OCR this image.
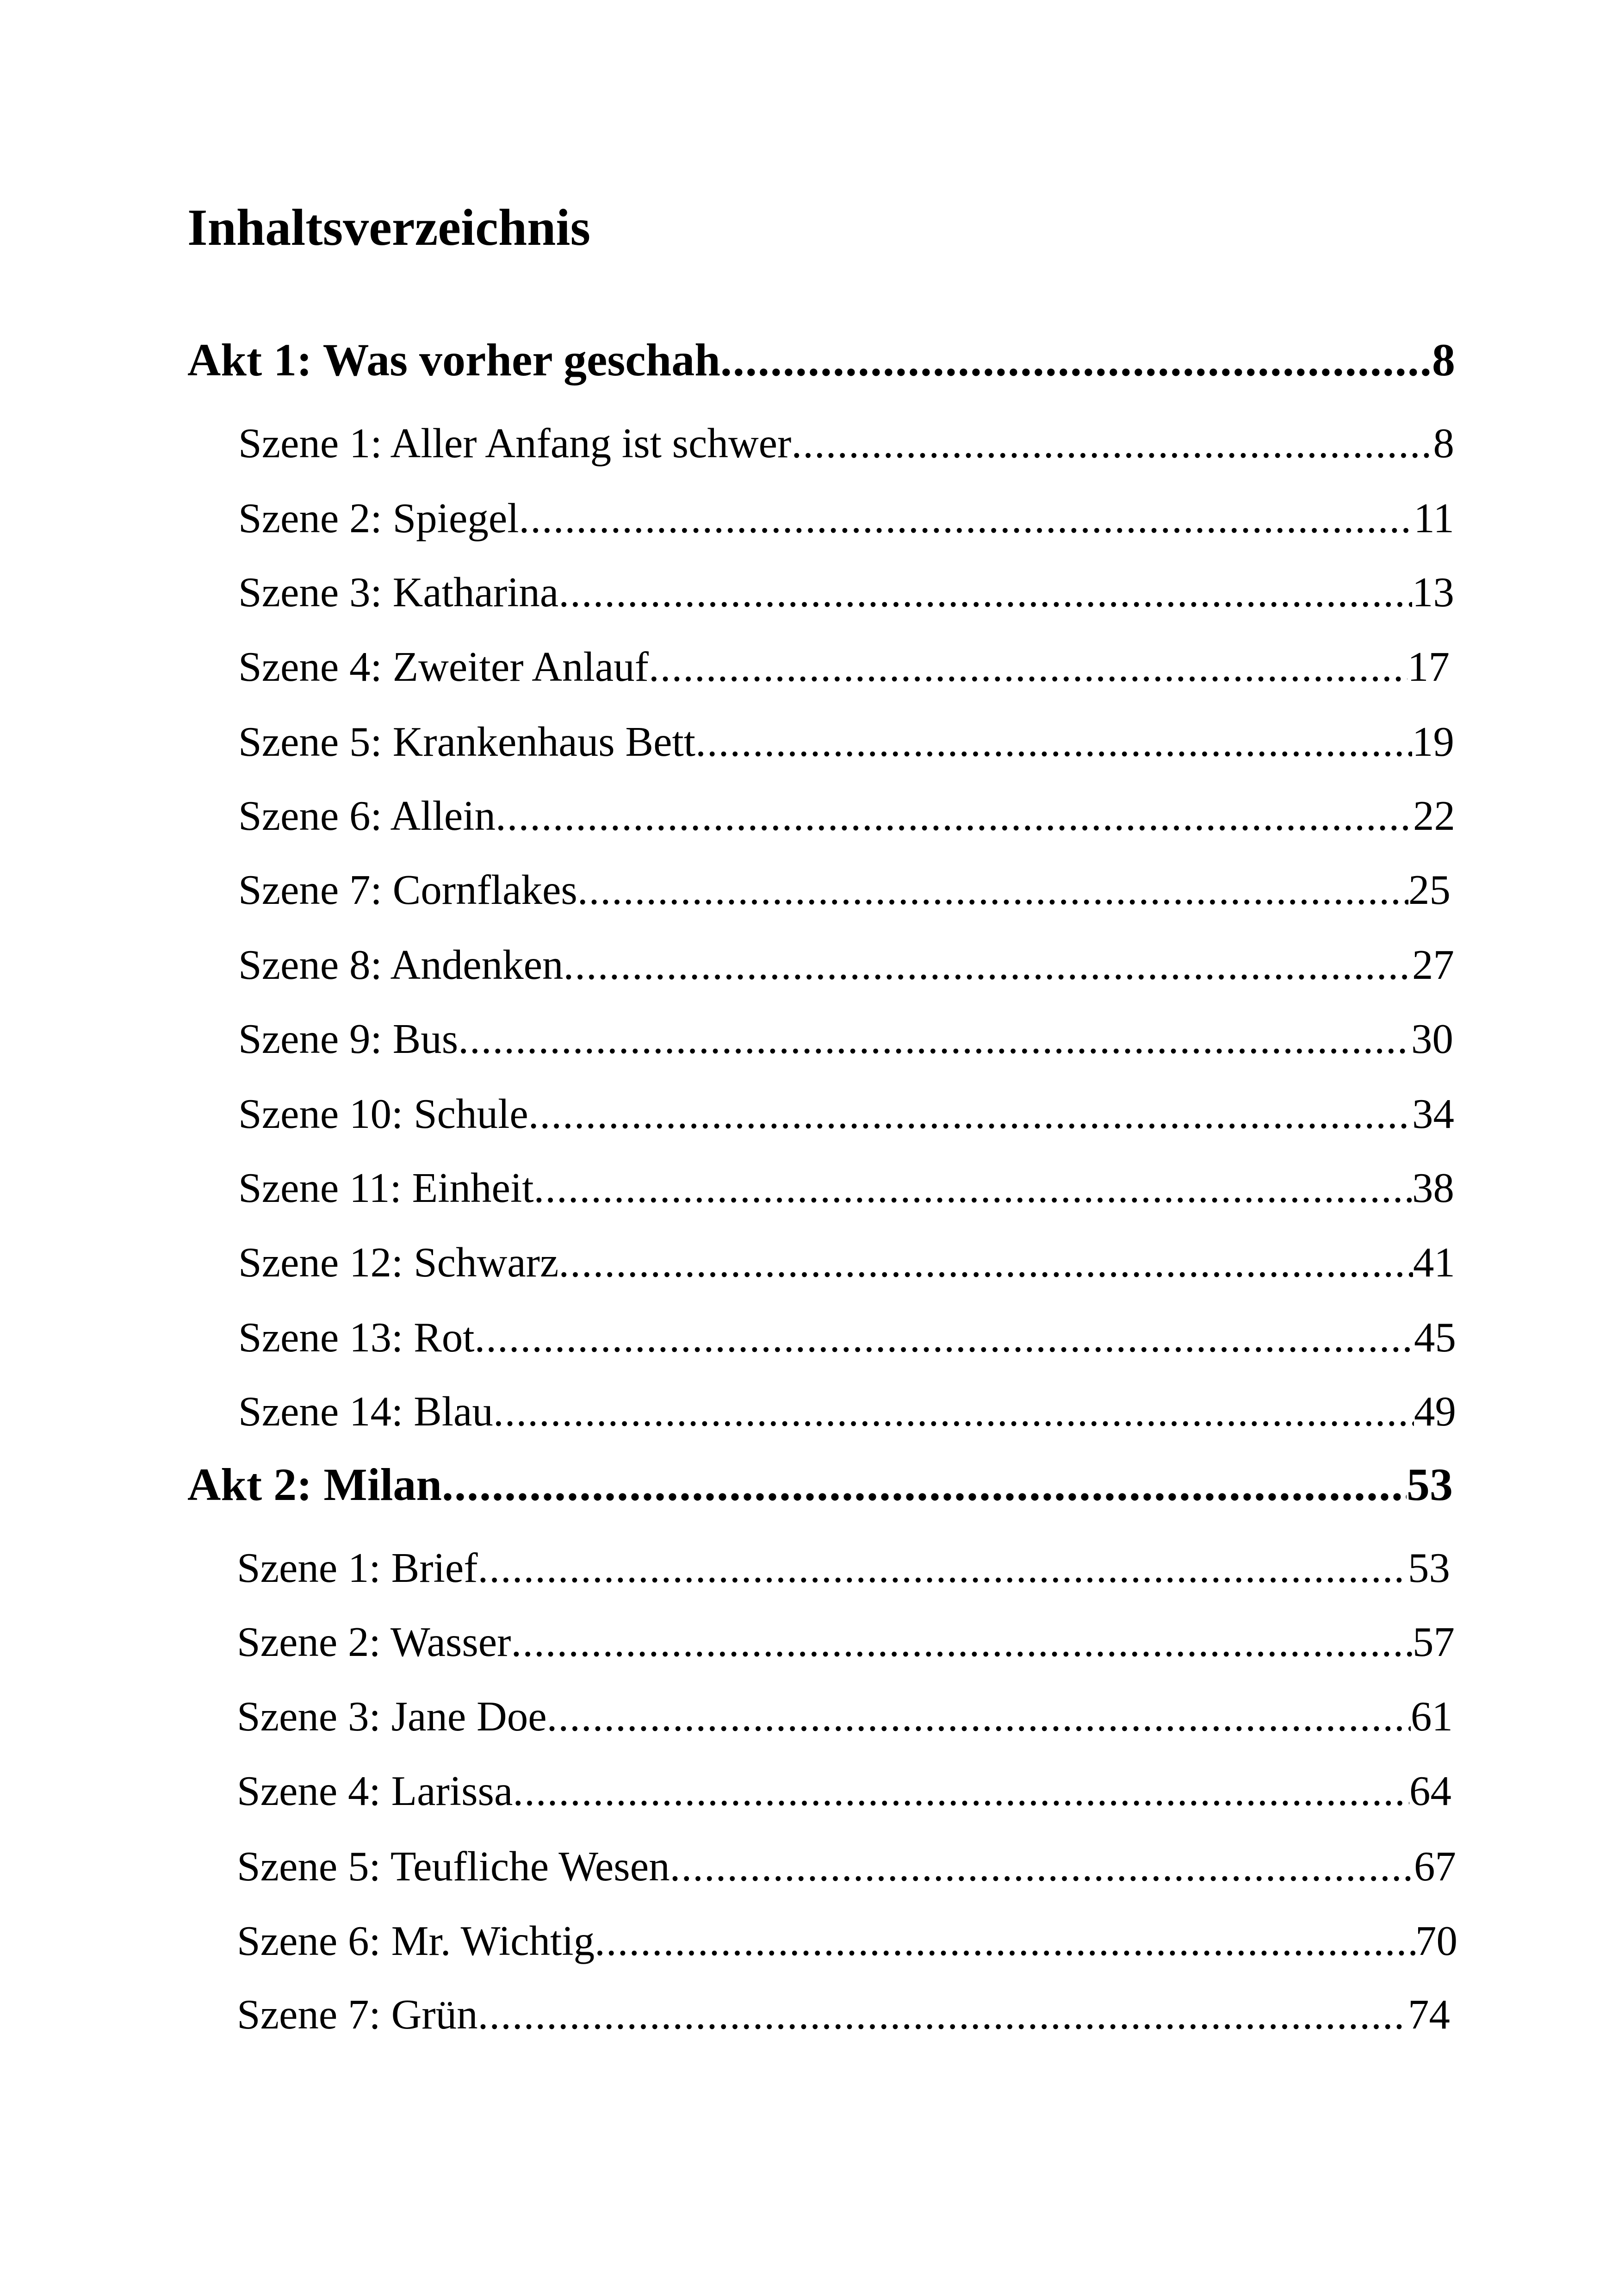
Inhaltsverzeichnis
Akt 1: Was vorher geschah .....	8
Szene 1: Aller Anfang ist schwer .....	8
Szene 2: Spiegel .....	11
Szene 3: Katharina .....	13
Szene 4: Zweiter Anlauf .....	17
Szene 5: Krankenhaus Bett .....	19
Szene 6: Allein .....	22
Szene 7: Cornflakes .....	25
Szene 8: Andenken .....	27
Szene 9: Bus .....	30
Szene 10: Schule .....	34
Szene 11: Einheit .....	38
Szene 12: Schwarz .....	41
Szene 13: Rot .....	45
Szene 14: Blau .....	49
Akt 2: Milan .....	53
Szene 1: Brief .....	53
Szene 2: Wasser .....	57
Szene 3: Jane Doe .....	61
Szene 4: Larissa .....	64
Szene 5: Teufliche Wesen .....	67
Szene 6: Mr. Wichtig .....	70
Szene 7: Grün .....	74
